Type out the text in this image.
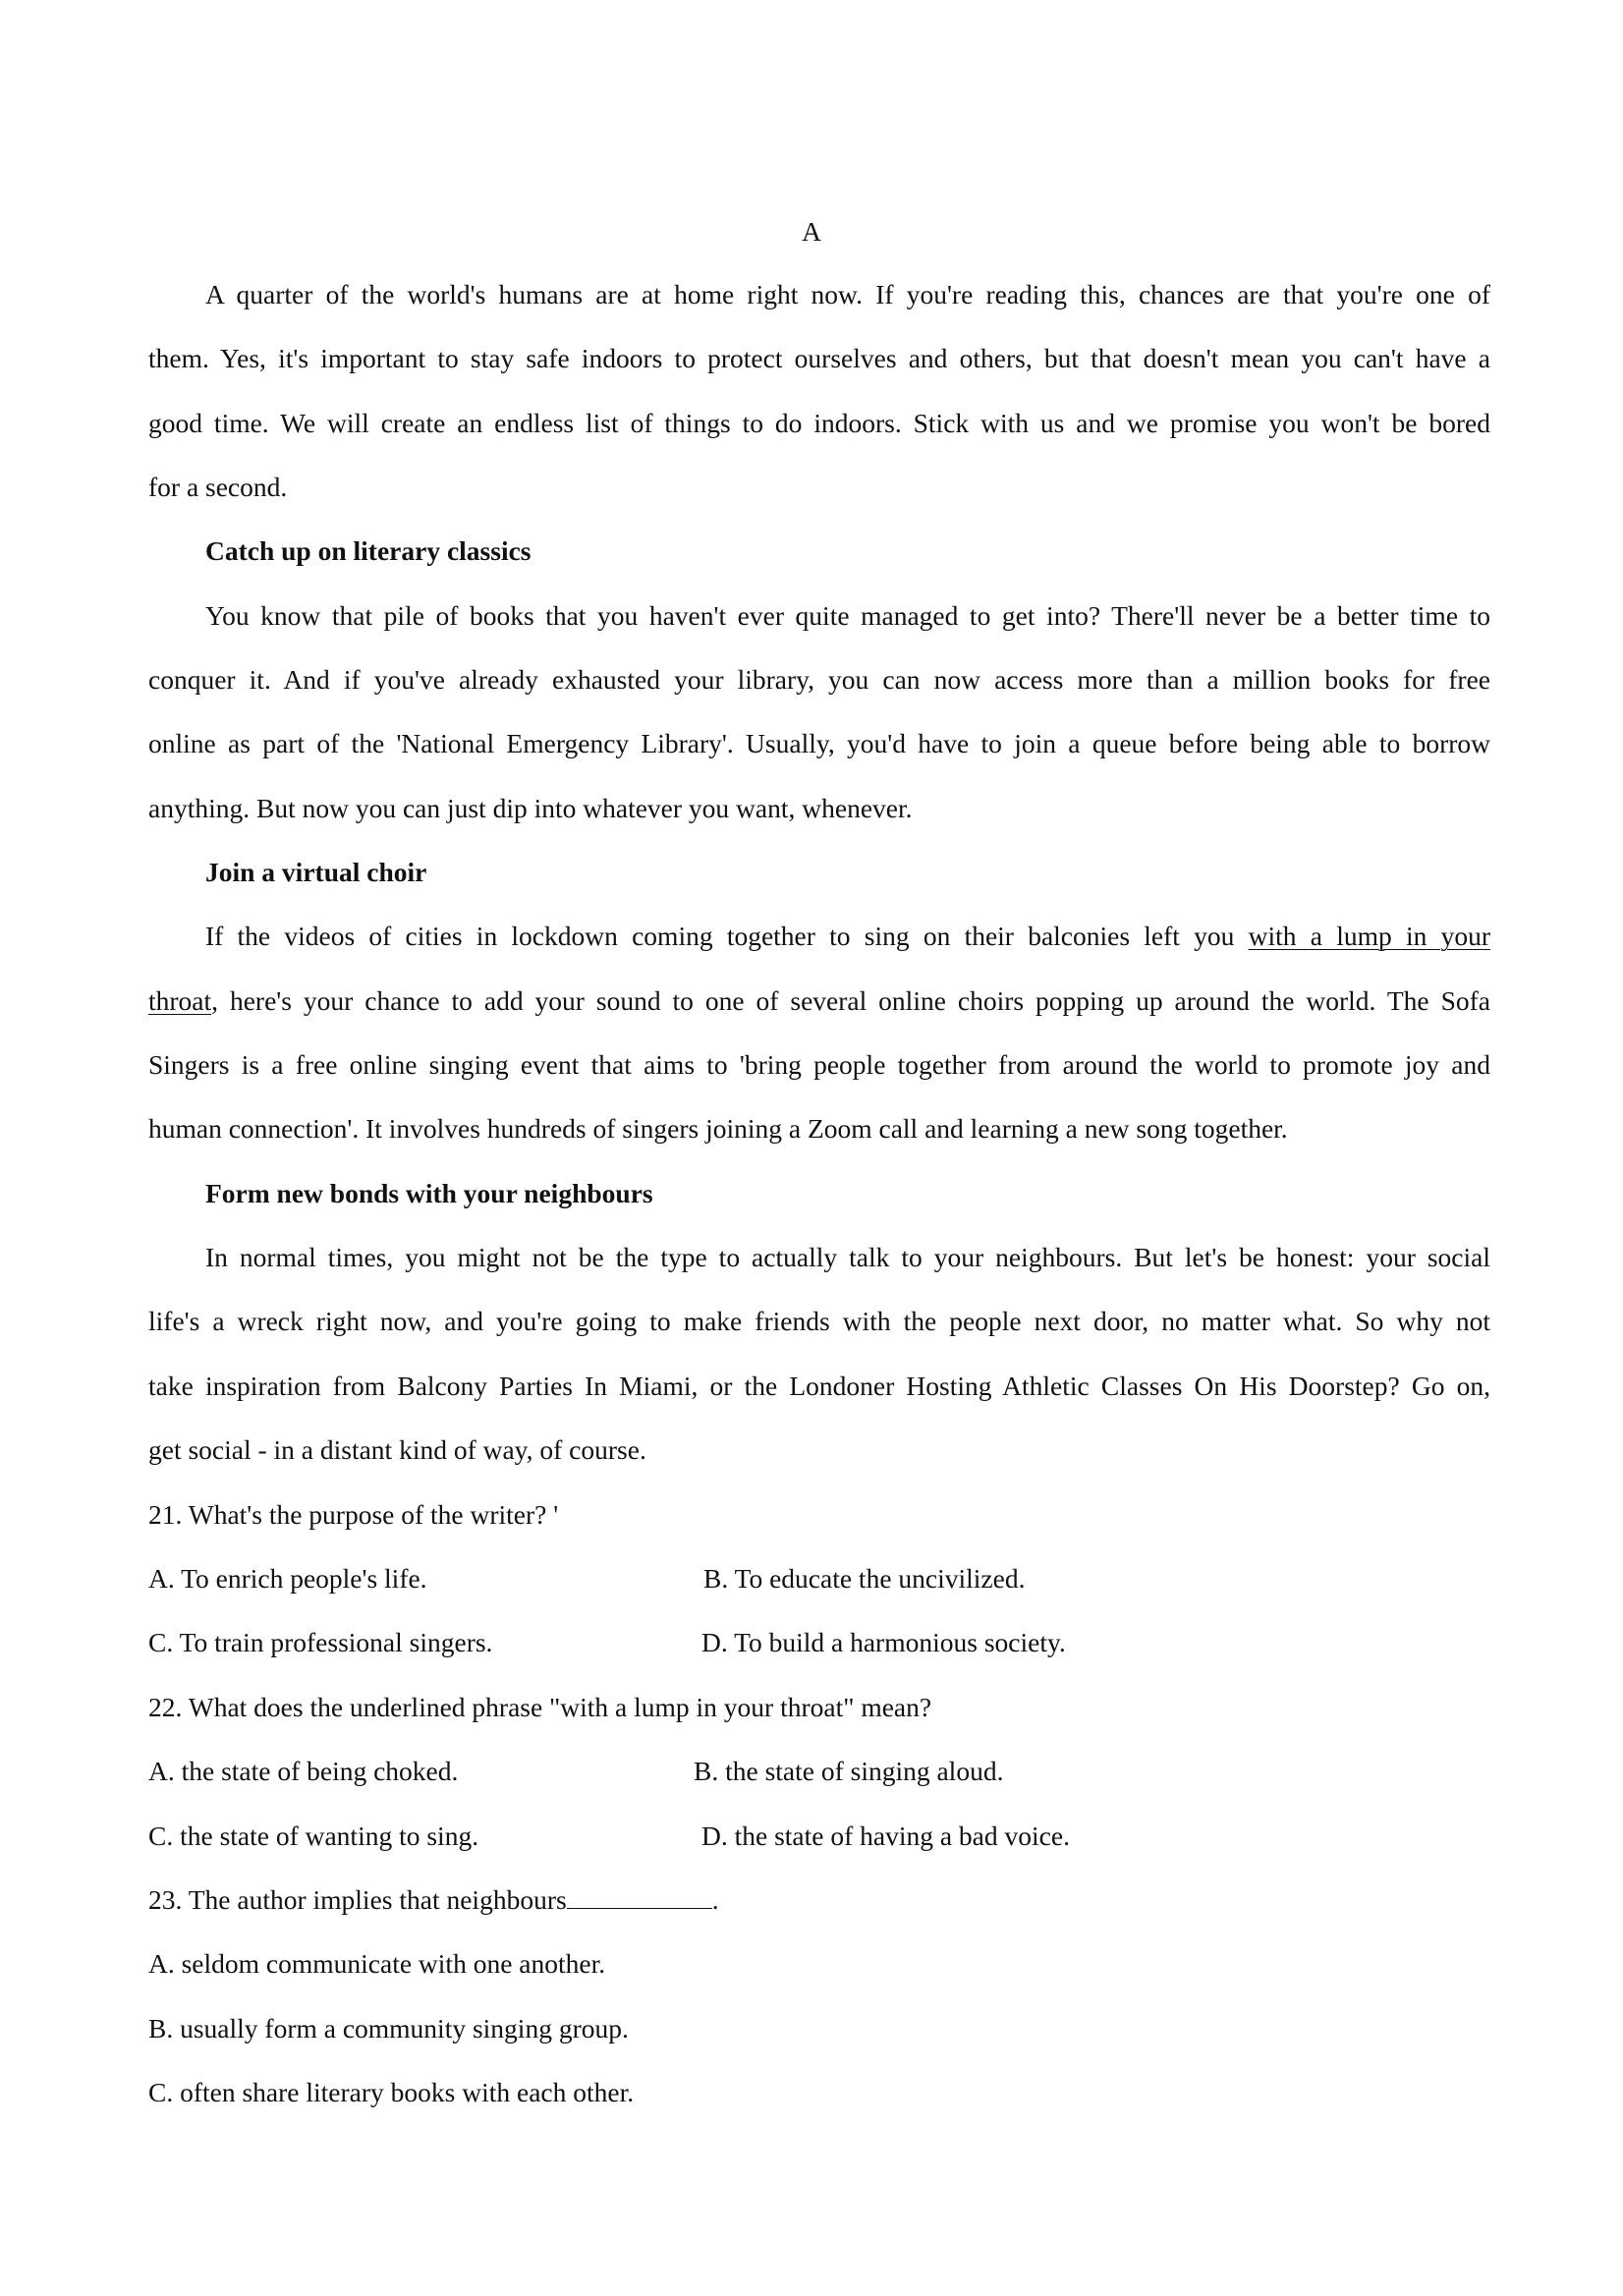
A
A quarter of the world's humans are at home right now. If you're reading this, chances are that you're one of
them. Yes, it's important to stay safe indoors to protect ourselves and others, but that doesn't mean you can't have a
good time. We will create an endless list of things to do indoors. Stick with us and we promise you won't be bored
for a second.
Catch up on literary classics
You know that pile of books that you haven't ever quite managed to get into? There'll never be a better time to
conquer it. And if you've already exhausted your library, you can now access more than a million books for free
online as part of the 'National Emergency Library'. Usually, you'd have to join a queue before being able to borrow
anything. But now you can just dip into whatever you want, whenever.
Join a virtual choir
If the videos of cities in lockdown coming together to sing on their balconies left you with a lump in your
throat, here's your chance to add your sound to one of several online choirs popping up around the world. The Sofa
Singers is a free online singing event that aims to 'bring people together from around the world to promote joy and
human connection'. It involves hundreds of singers joining a Zoom call and learning a new song together.
Form new bonds with your neighbours
In normal times, you might not be the type to actually talk to your neighbours. But let's be honest: your social
life's a wreck right now, and you're going to make friends with the people next door, no matter what. So why not
take inspiration from Balcony Parties In Miami, or the Londoner Hosting Athletic Classes On His Doorstep? Go on,
get social - in a distant kind of way, of course.
21. What's the purpose of the writer? '
A. To enrich people's life.	B. To educate the uncivilized.
C. To train professional singers.	D. To build a harmonious society.
22. What does the underlined phrase "with a lump in your throat" mean?
A. the state of being choked.	B. the state of singing aloud.
C. the state of wanting to sing.	D. the state of having a bad voice.
23. The author implies that neighbours	.
A. seldom communicate with one another.
B. usually form a community singing group.
C. often share literary books with each other.
